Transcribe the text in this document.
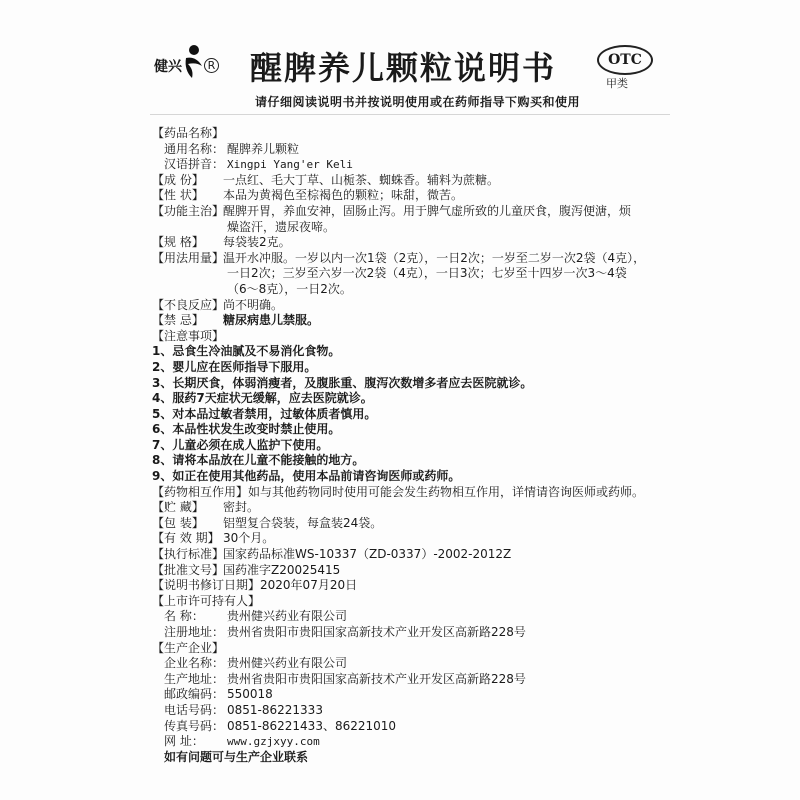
健兴	R 醒脾养儿颗粒说明书	OTC
甲类
请仔细阅读说明书并按说明使用或在药师指导下购买和使用
【药品名称】
通用名称： 醒脾养儿颗粒
汉语拼音： Xingpi Yang'er Keli
【成 份】 一点红、毛大丁草、山栀茶、蜘蛛香。辅料为蔗糖。
【性 状】 本品为黄褐色至棕褐色的颗粒；味甜，微苦。
【功能主治】醒脾开胃，养血安神，固肠止泻。用于脾气虚所致的儿童厌食，腹泻便溏，烦
燥盗汗，遗尿夜啼。
【规 格】 每袋装2克。
【用法用量】温开水冲服。一岁以内一次1袋（2克），一日2次；一岁至二岁一次2袋（4克），
一日2次；三岁至六岁一次2袋（4克），一日3次；七岁至十四岁一次3～4袋
（6～8克），一日2次。
【不良反应】尚不明确。
【禁 忌】 糖尿病患儿禁服。
【注意事项】
1、忌食生冷油腻及不易消化食物。
2、婴儿应在医师指导下服用。
3、长期厌食，体弱消瘦者，及腹胀重、腹泻次数增多者应去医院就诊。
4、服药7天症状无缓解，应去医院就诊。
5、对本品过敏者禁用，过敏体质者慎用。
6、本品性状发生改变时禁止使用。
7、儿童必须在成人监护下使用。
8、请将本品放在儿童不能接触的地方。
9、如正在使用其他药品，使用本品前请咨询医师或药师。
【药物相互作用】如与其他药物同时使用可能会发生药物相互作用，详情请咨询医师或药师。
【贮 藏】 密封。
【包 装】 铝塑复合袋装，每盒装24袋。
【有 效 期】 30个月。
【执行标准】国家药品标准WS-10337（ZD-0337）-2002-2012Z
【批准文号】国药准字Z20025415
【说明书修订日期】2020年07月20日
【上市许可持有人】
名 称： 贵州健兴药业有限公司
注册地址： 贵州省贵阳市贵阳国家高新技术产业开发区高新路228号
【生产企业】
企业名称： 贵州健兴药业有限公司
生产地址： 贵州省贵阳市贵阳国家高新技术产业开发区高新路228号
邮政编码： 550018
电话号码： 0851-86221333
传真号码： 0851-86221433、86221010
网 址： www.gzjxyy.com
如有问题可与生产企业联系
